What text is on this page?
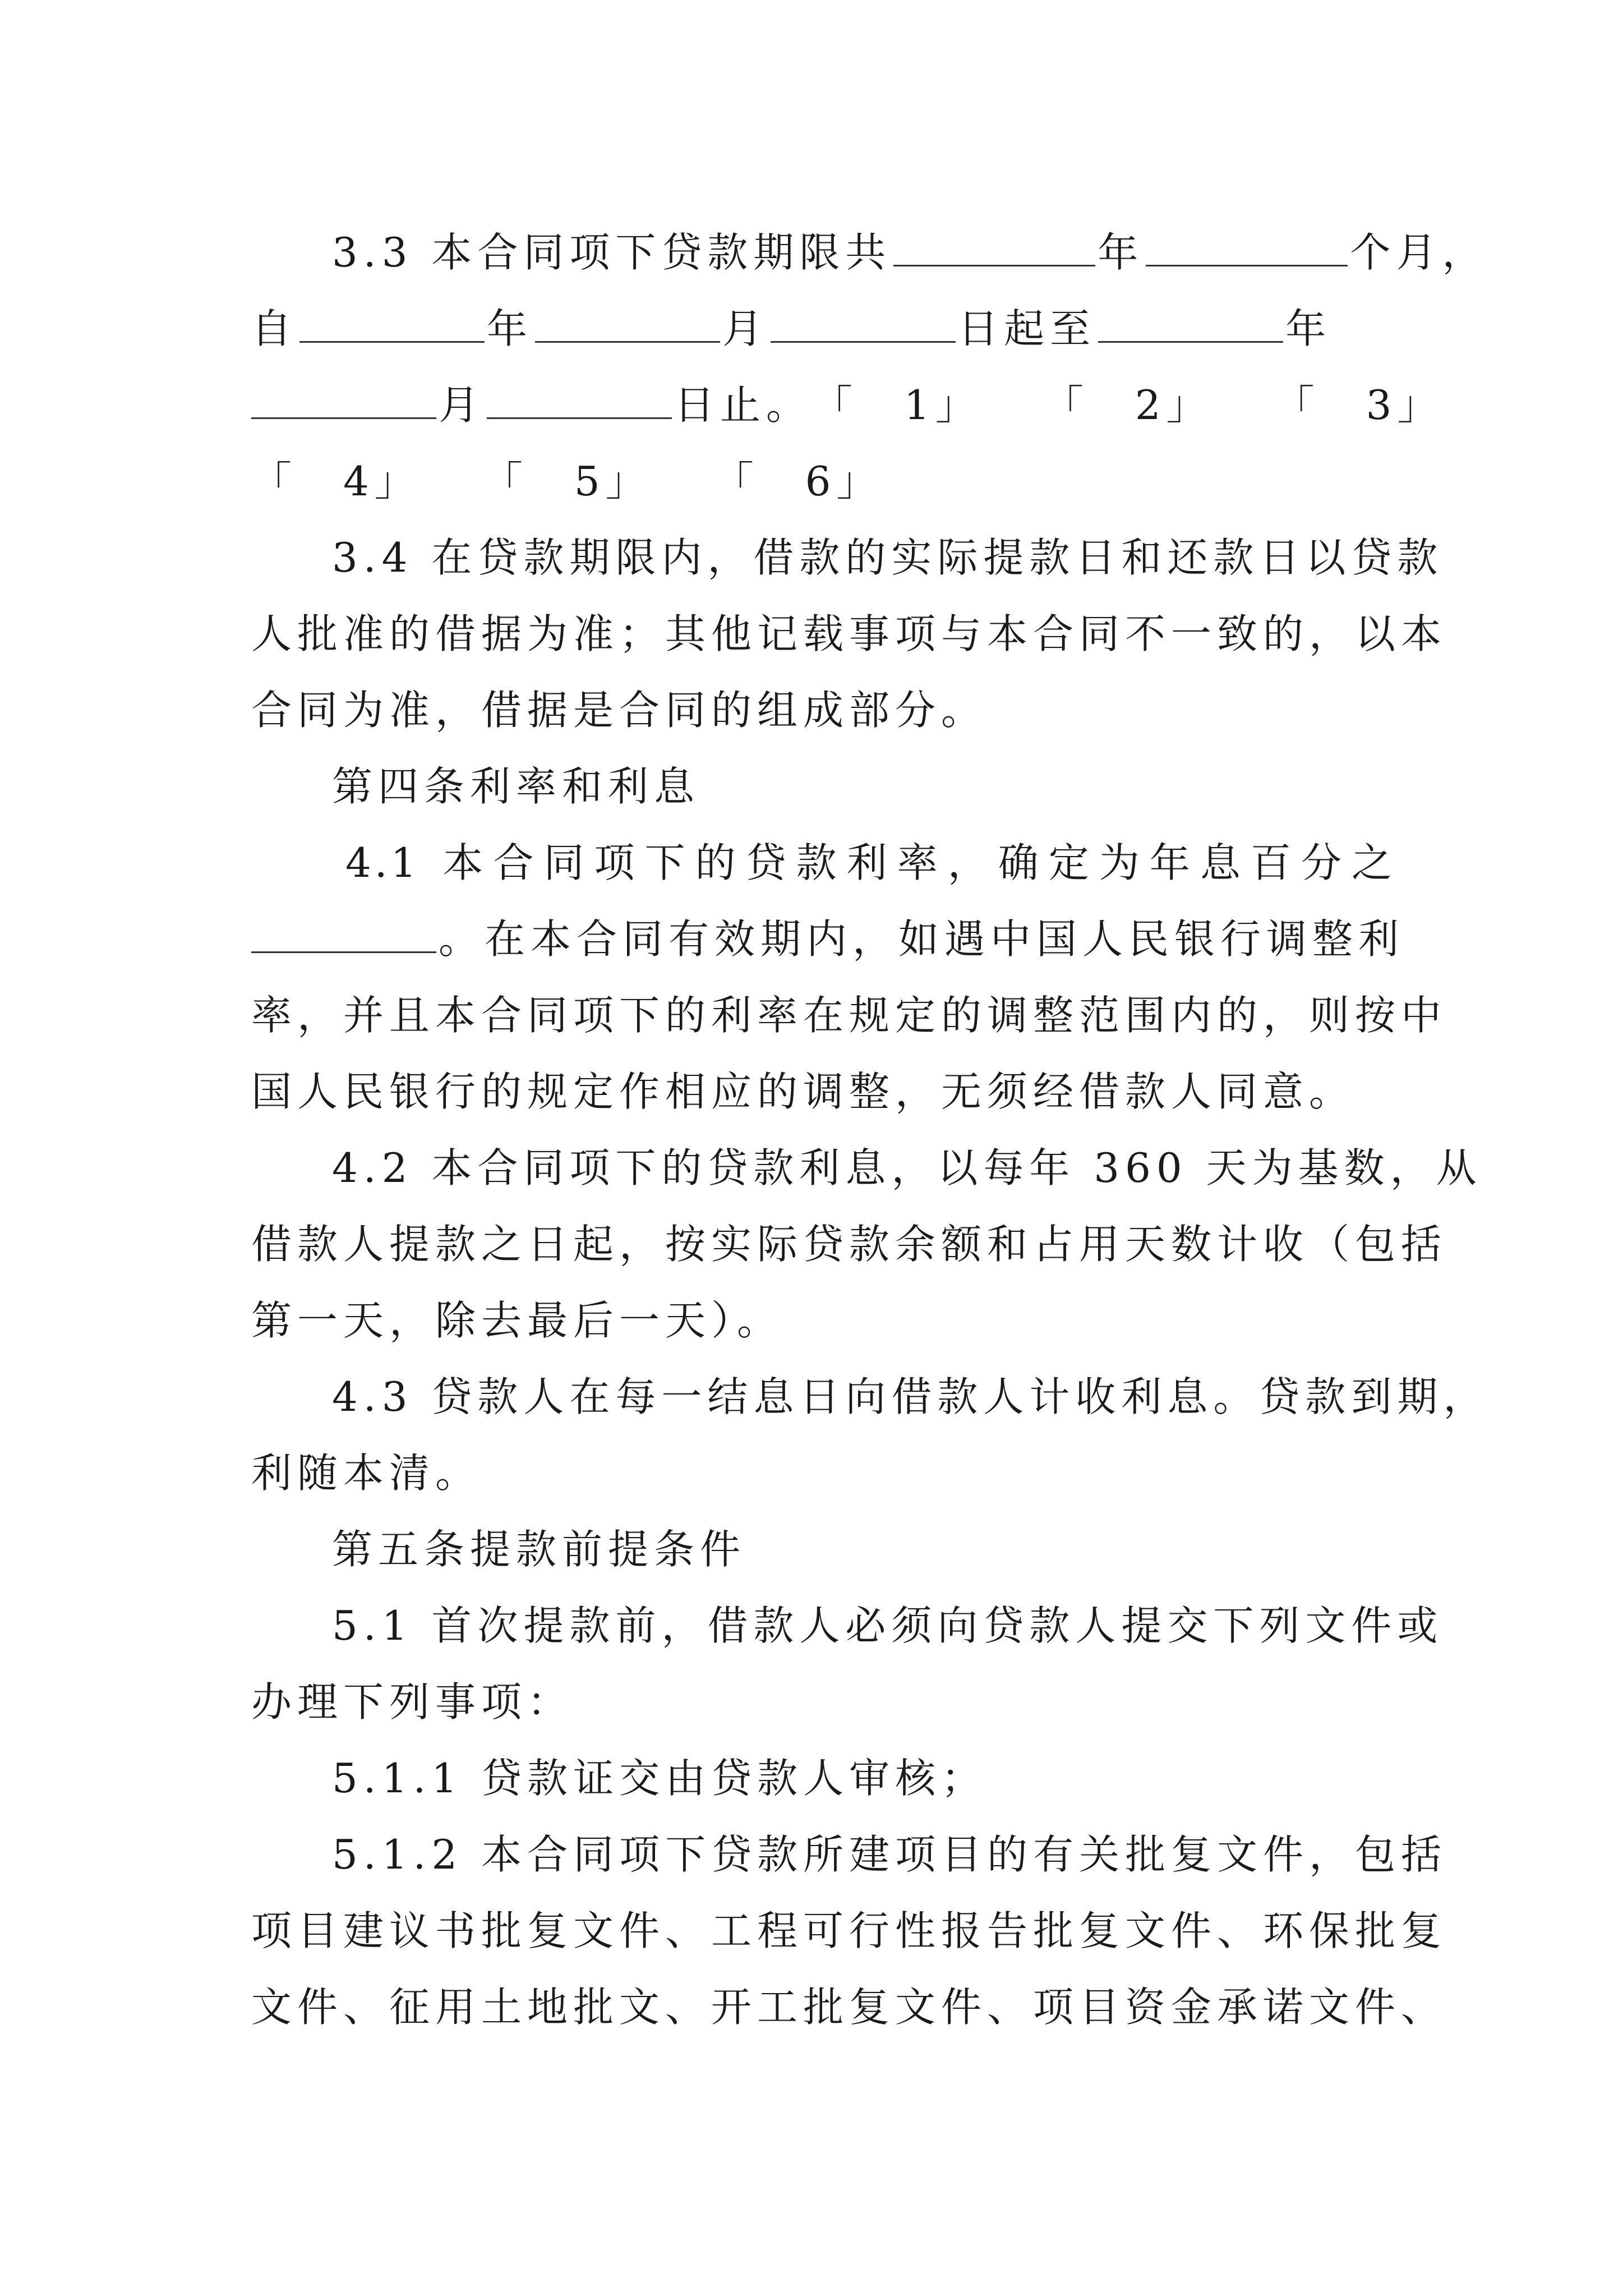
3.3 本合同项下贷款期限共	年	个月，
自	年	月	日起至	年
月	日止。「　1」 「　2」 「　3」
「　4」 「　5」 「　6」
3.4 在贷款期限内，借款的实际提款日和还款日以贷款
人批准的借据为准；其他记载事项与本合同不一致的，以本
合同为准，借据是合同的组成部分。
第四条利率和利息
4.1 本合同项下的贷款利率，确定为年息百分之
。在本合同有效期内，如遇中国人民银行调整利
率，并且本合同项下的利率在规定的调整范围内的，则按中
国人民银行的规定作相应的调整，无须经借款人同意。
4.2 本合同项下的贷款利息，以每年 360 天为基数，从
借款人提款之日起，按实际贷款余额和占用天数计收（包括
第一天，除去最后一天）。
4.3 贷款人在每一结息日向借款人计收利息。贷款到期，
利随本清。
第五条提款前提条件
5.1 首次提款前，借款人必须向贷款人提交下列文件或
办理下列事项：
5.1.1 贷款证交由贷款人审核；
5.1.2 本合同项下贷款所建项目的有关批复文件，包括
项目建议书批复文件、工程可行性报告批复文件、环保批复
文件、征用土地批文、开工批复文件、项目资金承诺文件、
